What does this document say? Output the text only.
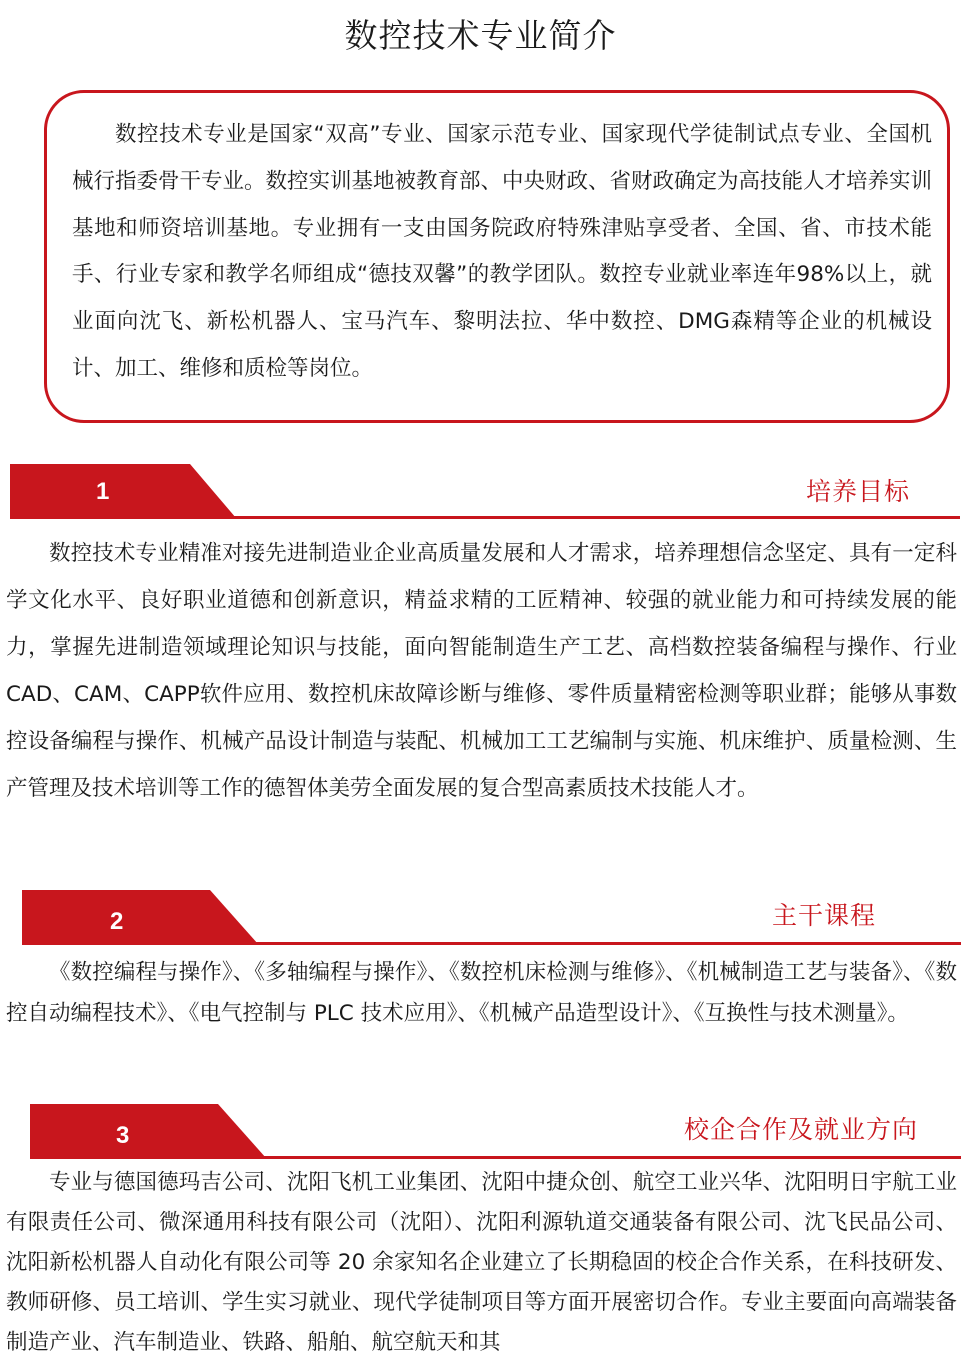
数控技术专业简介

数控技术专业是国家“双高”专业、国家示范专业、国家现代学徒制试点专业、全国机械行指委骨干专业。数控实训基地被教育部、中央财政、省财政确定为高技能人才培养实训基地和师资培训基地。专业拥有一支由国务院政府特殊津贴享受者、全国、省、市技术能手、行业专家和教学名师组成“德技双馨”的教学团队。数控专业就业率连年98%以上，就业面向沈飞、新松机器人、宝马汽车、黎明法拉、华中数控、DMG森精等企业的机械设计、加工、维修和质检等岗位。

1	培养目标

数控技术专业精准对接先进制造业企业高质量发展和人才需求，培养理想信念坚定、具有一定科学文化水平、良好职业道德和创新意识，精益求精的工匠精神、较强的就业能力和可持续发展的能力，掌握先进制造领域理论知识与技能，面向智能制造生产工艺、高档数控装备编程与操作、行业CAD、CAM、CAPP软件应用、数控机床故障诊断与维修、零件质量精密检测等职业群；能够从事数控设备编程与操作、机械产品设计制造与装配、机械加工工艺编制与实施、机床维护、质量检测、生产管理及技术培训等工作的德智体美劳全面发展的复合型高素质技术技能人才。

2	主干课程

《数控编程与操作》、《多轴编程与操作》、《数控机床检测与维修》、《机械制造工艺与装备》、《数控自动编程技术》、《电气控制与 PLC 技术应用》、《机械产品造型设计》、《互换性与技术测量》。

3	校企合作及就业方向

专业与德国德玛吉公司、沈阳飞机工业集团、沈阳中捷众创、航空工业兴华、沈阳明日宇航工业有限责任公司、微深通用科技有限公司（沈阳）、沈阳利源轨道交通装备有限公司、沈飞民品公司、沈阳新松机器人自动化有限公司等 20 余家知名企业建立了长期稳固的校企合作关系，在科技研发、教师研修、员工培训、学生实习就业、现代学徒制项目等方面开展密切合作。专业主要面向高端装备制造产业、汽车制造业、铁路、船舶、航空航天和其
